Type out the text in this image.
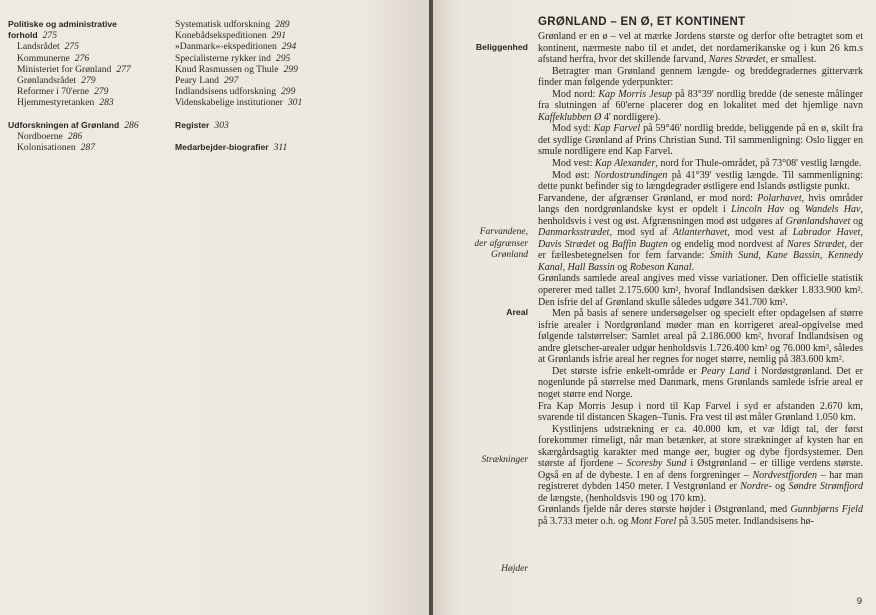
Politiske og administrative
forhold 275
Landsrådet 275
Kommunerne 276
Ministeriet for Grønland 277
Grønlandsrådet 279
Reformer i 70'erne 279
Hjemmestyretanken 283
Udforskningen af Grønland 286
Nordboerne 286
Kolonisationen 287
Systematisk udforskning 289
Konebådsekspeditionen 291
»Danmark«-ekspeditionen 294
Specialisterne rykker ind 295
Knud Rasmussen og Thule 299
Peary Land 297
Indlandsisens udforskning 299
Videnskabelige institutioner 301
Register 303
Medarbejder-biografier 311
GRØNLAND – EN Ø, ET KONTINENT
Beliggenhed
Farvandene,
der afgrænser
Grønland
Areal
Strækninger
Højder

Grønland er en ø – vel at mærke Jordens største og derfor ofte betragtet som et kontinent, nærmeste nabo til et andet, det nordamerikanske og i kun 26 km.s afstand herfra, hvor det skillende farvand, Nares Strædet, er smallest.

Betragter man Grønland gennem længde- og breddegradernes gitterværk finder man følgende yderpunkter:

Mod nord: Kap Morris Jesup på 83°39' nordlig bredde (de seneste målinger fra slutningen af 60'erne placerer dog en lokalitet med det hjemlige navn Kaffeklubben Ø 4' nordligere).

Mod syd: Kap Farvel på 59°46' nordlig bredde, beliggende på en ø, skilt fra det sydlige Grønland af Prins Christian Sund. Til sammenligning: Oslo ligger en smule nordligere end Kap Farvel.

Mod vest: Kap Alexander, nord for Thule-området, på 73°08' vestlig længde.

Mod øst: Nordostrundingen på 41°39' vestlig længde. Til sammenligning: dette punkt befinder sig to længdegrader østligere end Islands østligste punkt.

Farvandene, der afgrænser Grønland, er mod nord: Polarhavet, hvis områder langs den nordgrønlandske kyst er opdelt i Lincoln Hav og Wandels Hav, henholdsvis i vest og øst. Afgrænsningen mod øst udgøres af Grønlandshavet og Danmarksstrædet, mod syd af Atlanterhavet, mod vest af Labrador Havet, Davis Strædet og Baffin Bugten og endelig mod nordvest af Nares Strædet, der er fællesbetegnelsen for fem farvande: Smith Sund, Kane Bassin, Kennedy Kanal, Hall Bassin og Robeson Kanal.

Grønlands samlede areal angives med visse variationer. Den officielle statistik opererer med tallet 2.175.600 km², hvoraf Indlandsisen dækker 1.833.900 km². Den isfrie del af Grønland skulle således udgøre 341.700 km².

Men på basis af senere undersøgelser og specielt efter opdagelsen af større isfrie arealer i Nordgrønland møder man en korrigeret areal-opgivelse med følgende talstørrelser: Samlet areal på 2.186.000 km², hvoraf Indlandsisen og andre gletscher-arealer udgør henholdsvis 1.726.400 km² og 76.000 km², således at Grønlands isfrie areal her regnes for noget større, nemlig på 383.600 km².

Det største isfrie enkelt-område er Peary Land i Nordøstgrønland. Det er nogenlunde på størrelse med Danmark, mens Grønlands samlede isfrie areal er noget større end Norge.

Fra Kap Morris Jesup i nord til Kap Farvel i syd er afstanden 2.670 km, svarende til distancen Skagen–Tunis. Fra vest til øst måler Grønland 1.050 km.

Kystlinjens udstrækning er ca. 40.000 km, et væ ldigt tal, der først forekommer rimeligt, når man betænker, at store strækninger af kysten har en skærgårdsagtig karakter med mange øer, bugter og dybe fjordsystemer. Den største af fjordene – Scoresby Sund i Østgrønland – er tillige verdens største. Også en af de dybeste. I en af dens forgreninger – Nordvestfjorden – har man registreret dybden 1450 meter. I Vestgrønland er Nordre- og Søndre Strømfjord de længste, (henholdsvis 190 og 170 km).

Grønlands fjelde når deres største højder i Østgrønland, med Gunnbjørns Fjeld på 3.733 meter o.h. og Mont Forel på 3.505 meter. Indlandsisens hø-

9
